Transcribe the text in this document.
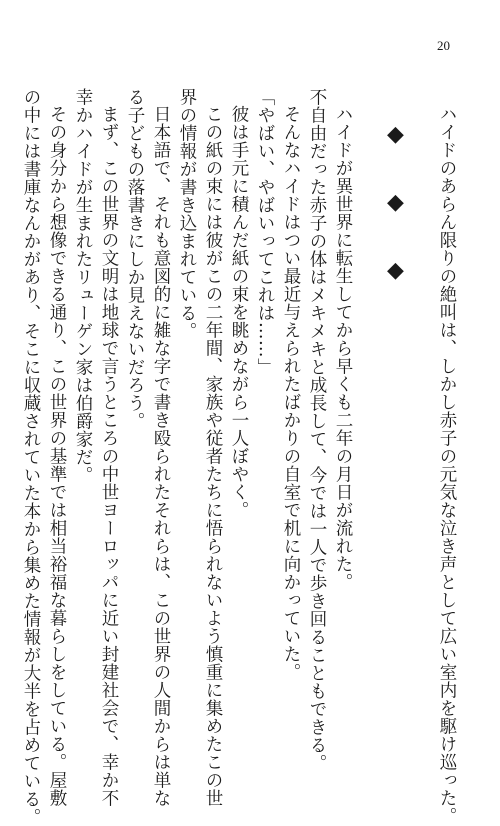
20
ハイドのあらん限りの絶叫は、しかし赤子の元気な泣き声として広い室内を駆け巡った。
◆ ◆ ◆
ハイドが異世界に転生してから早くも二年の月日が流れた。
不自由だった赤子の体はメキメキと成長して、今では一人で歩き回ることもできる。
そんなハイドはつい最近与えられたばかりの自室で机に向かっていた。
「やばい、やばいってこれは……」
彼は手元に積んだ紙の束を眺めながら一人ぼやく。
この紙の束には彼がこの二年間、家族や従者たちに悟られないよう慎重に集めたこの世
界の情報が書き込まれている。
日本語で、それも意図的に雑な字で書き殴られたそれらは、この世界の人間からは単な
る子どもの落書きにしか見えないだろう。
まず、この世界の文明は地球で言うところの中世ヨーロッパに近い封建社会で、幸か不
幸かハイドが生まれたリューゲン家は伯爵家だ。
その身分から想像できる通り、この世界の基準では相当裕福な暮らしをしている。屋敷
の中には書庫なんかがあり、そこに収蔵されていた本から集めた情報が大半を占めている。
